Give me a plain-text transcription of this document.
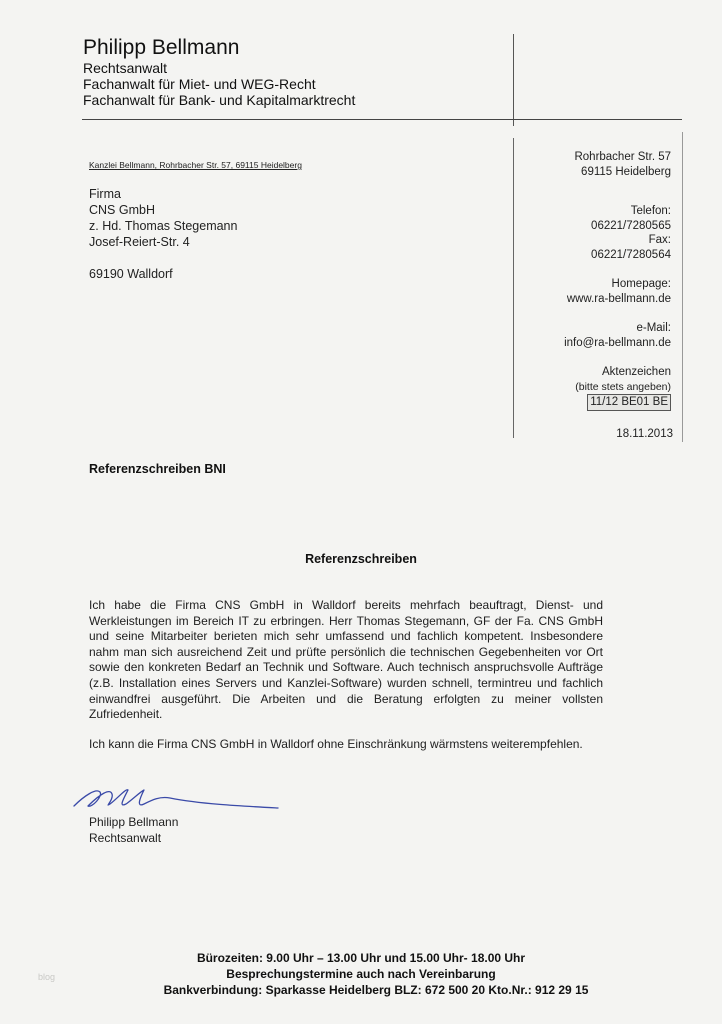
Philipp Bellmann
Rechtsanwalt
Fachanwalt für Miet- und WEG-Recht
Fachanwalt für Bank- und Kapitalmarktrecht
Kanzlei Bellmann, Rohrbacher Str. 57, 69115 Heidelberg
Firma
CNS GmbH
z. Hd. Thomas Stegemann
Josef-Reiert-Str. 4
69190 Walldorf
Rohrbacher Str. 57
69115 Heidelberg
Telefon:
06221/7280565
Fax:
06221/7280564
Homepage:
www.ra-bellmann.de
e-Mail:
info@ra-bellmann.de
Aktenzeichen
(bitte stets angeben)
11/12 BE01 BE
18.11.2013
Referenzschreiben BNI
Referenzschreiben
Ich habe die Firma CNS GmbH in Walldorf bereits mehrfach beauftragt, Dienst- und Werkleistungen im Bereich IT zu erbringen. Herr Thomas Stegemann, GF der Fa. CNS GmbH und seine Mitarbeiter berieten mich sehr umfassend und fachlich kompetent. Insbesondere nahm man sich ausreichend Zeit und prüfte persönlich die technischen Gegebenheiten vor Ort sowie den konkreten Bedarf an Technik und Software. Auch technisch anspruchsvolle Aufträge (z.B. Installation eines Servers und Kanzlei-Software) wurden schnell, termintreu und fachlich einwandfrei ausgeführt. Die Arbeiten und die Beratung erfolgten zu meiner vollsten Zufriedenheit.
Ich kann die Firma CNS GmbH in Walldorf ohne Einschränkung wärmstens weiterempfehlen.
Philipp Bellmann
Rechtsanwalt
Bürozeiten: 9.00 Uhr – 13.00 Uhr und 15.00 Uhr- 18.00 Uhr
Besprechungstermine auch nach Vereinbarung
Bankverbindung: Sparkasse Heidelberg BLZ: 672 500 20 Kto.Nr.: 912 29 15
blog
